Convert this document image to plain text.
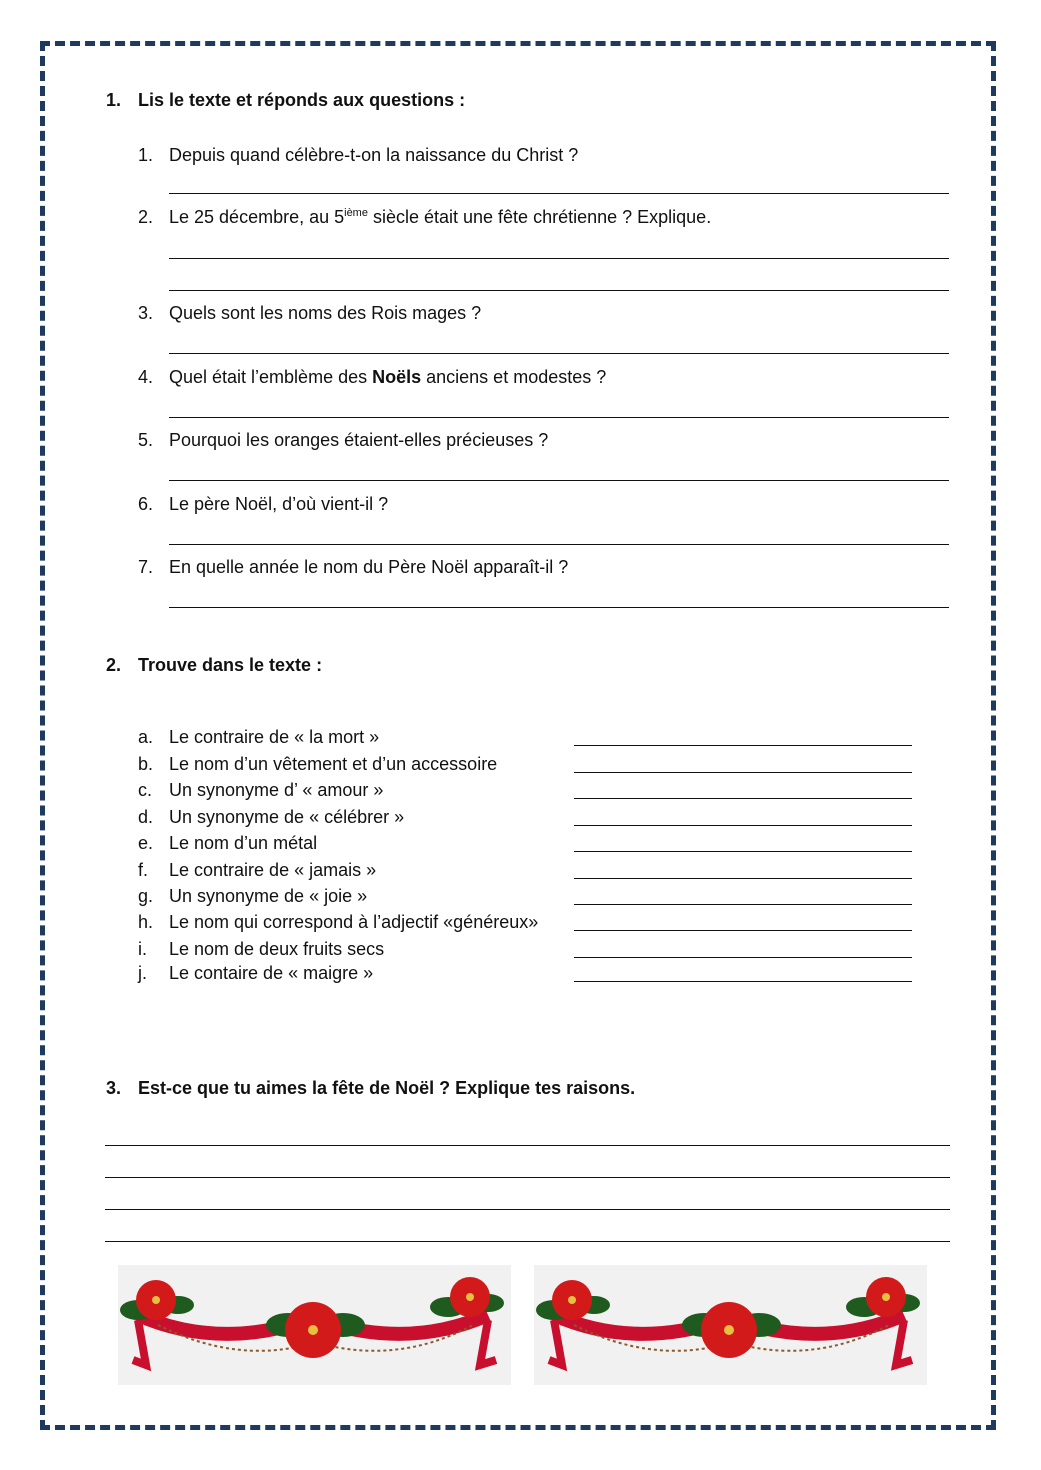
1. Lis le texte et réponds aux questions :
1. Depuis quand célèbre-t-on la naissance du Christ ?
2. Le 25 décembre, au 5ième siècle était une fête chrétienne ? Explique.
3. Quels sont les noms des Rois mages ?
4. Quel était l’emblème des Noëls anciens et modestes ?
5. Pourquoi les oranges étaient-elles précieuses ?
6. Le père Noël, d’où vient-il ?
7. En quelle année le nom du Père Noël apparaît-il ?
2. Trouve dans le texte :
a. Le contraire de « la mort »
b. Le nom d’un vêtement et d’un accessoire
c. Un synonyme d’ « amour »
d. Un synonyme de « célébrer »
e. Le nom d’un métal
f. Le contraire de « jamais »
g. Un synonyme de « joie »
h. Le nom qui correspond à l’adjectif «généreux»
i. Le nom de deux fruits secs
j. Le contaire de « maigre »
3. Est-ce que tu aimes la fête de Noël ? Explique tes raisons.
